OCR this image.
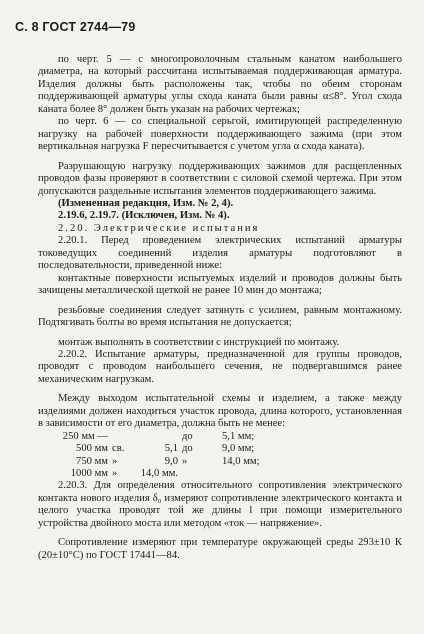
С. 8 ГОСТ 2744—79

по черт. 5 — с многопроволочным стальным канатом наибольшего диаметра, на который рассчитана испытываемая поддерживающая арматура. Изделия должны быть расположены так, чтобы по обеим сторонам поддерживающей арматуры углы схода каната были равны α≤8°. Угол схода каната более 8° должен быть указан на рабочих чертежах;

по черт. 6 — со специальной серьгой, имитирующей распределенную нагрузку на рабочей поверхности поддерживающего зажима (при этом вертикальная нагрузка F пересчитывается с учетом угла α схода каната).

Разрушающую нагрузку поддерживающих зажимов для расщепленных проводов фазы проверяют в соответствии с силовой схемой чертежа. При этом допускаются раздельные испытания элементов поддерживающего зажима.

(Измененная редакция, Изм. № 2, 4).

2.19.6, 2.19.7. (Исключен, Изм. № 4).

2.20. Электрические испытания

2.20.1. Перед проведением электрических испытаний арматуры токоведущих соединений изделия арматуры подготовляют в последовательности, приведенной ниже:

контактные поверхности испытуемых изделий и проводов должны быть зачищены металлической щеткой не ранее 10 мин до монтажа;

резьбовые соединения следует затянуть с усилием, равным монтажному. Подтягивать болты во время испытания не допускается;

монтаж выполнять в соответствии с инструкцией по монтажу.

2.20.2. Испытание арматуры, предназначенной для группы проводов, проводят с проводом наибольшего сечения, не подвергавшимся ранее механическим нагрузкам.

Между выходом испытательной схемы и изделием, а также между изделиями должен находиться участок провода, длина которого, установленная в зависимости от его диаметра, должна быть не менее:

250 мм —	до	5,1 мм;
500 мм св.	5,1 до	9,0 мм;
750 мм »	9,0 »	14,0 мм;
1000 мм »	14,0 мм.

2.20.3. Для определения относительного сопротивления электрического контакта нового изделия δ₀ измеряют сопротивление электрического контакта и целого участка проводят той же длины l при помощи измерительного устройства двойного моста или методом «ток — напряжение».

Сопротивление измеряют при температуре окружающей среды 293±10 К (20±10°С) по ГОСТ 17441—84.
